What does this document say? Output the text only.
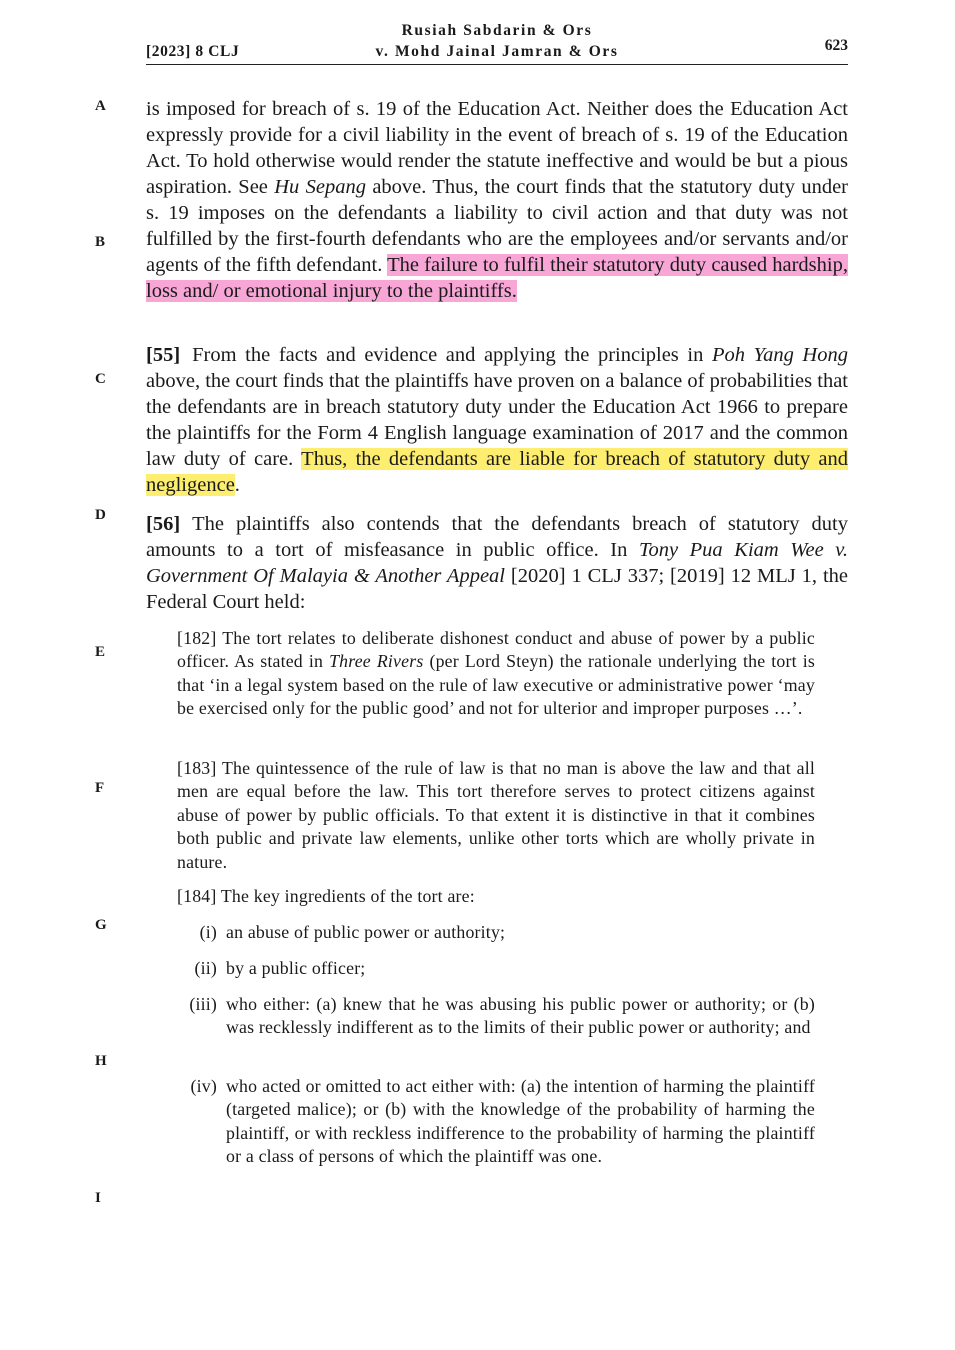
[2023] 8 CLJ
Rusiah Sabdarin & Ors
v. Mohd Jainal Jamran & Ors	623
A
B
C
D
E
F
G
H
I

is imposed for breach of s. 19 of the Education Act. Neither does the Education Act expressly provide for a civil liability in the event of breach of s. 19 of the Education Act. To hold otherwise would render the statute ineffective and would be but a pious aspiration. See Hu Sepang above. Thus, the court finds that the statutory duty under s. 19 imposes on the defendants a liability to civil action and that duty was not fulfilled by the first-fourth defendants who are the employees and/or servants and/or agents of the fifth defendant. The failure to fulfil their statutory duty caused hardship, loss and/ or emotional injury to the plaintiffs.

[55] From the facts and evidence and applying the principles in Poh Yang Hong above, the court finds that the plaintiffs have proven on a balance of probabilities that the defendants are in breach statutory duty under the Education Act 1966 to prepare the plaintiffs for the Form 4 English language examination of 2017 and the common law duty of care. Thus, the defendants are liable for breach of statutory duty and negligence.

[56] The plaintiffs also contends that the defendants breach of statutory duty amounts to a tort of misfeasance in public office. In Tony Pua Kiam Wee v. Government Of Malayia & Another Appeal [2020] 1 CLJ 337; [2019] 12 MLJ 1, the Federal Court held:

[182] The tort relates to deliberate dishonest conduct and abuse of power by a public officer. As stated in Three Rivers (per Lord Steyn) the rationale underlying the tort is that ‘in a legal system based on the rule of law executive or administrative power ‘may be exercised only for the public good’ and not for ulterior and improper purposes …’.

[183] The quintessence of the rule of law is that no man is above the law and that all men are equal before the law. This tort therefore serves to protect citizens against abuse of power by public officials. To that extent it is distinctive in that it combines both public and private law elements, unlike other torts which are wholly private in nature.

[184] The key ingredients of the tort are:

(i) an abuse of public power or authority;
(ii) by a public officer;
(iii) who either: (a) knew that he was abusing his public power or authority; or (b) was recklessly indifferent as to the limits of their public power or authority; and
(iv) who acted or omitted to act either with: (a) the intention of harming the plaintiff (targeted malice); or (b) with the knowledge of the probability of harming the plaintiff, or with reckless indifference to the probability of harming the plaintiff or a class of persons of which the plaintiff was one.
